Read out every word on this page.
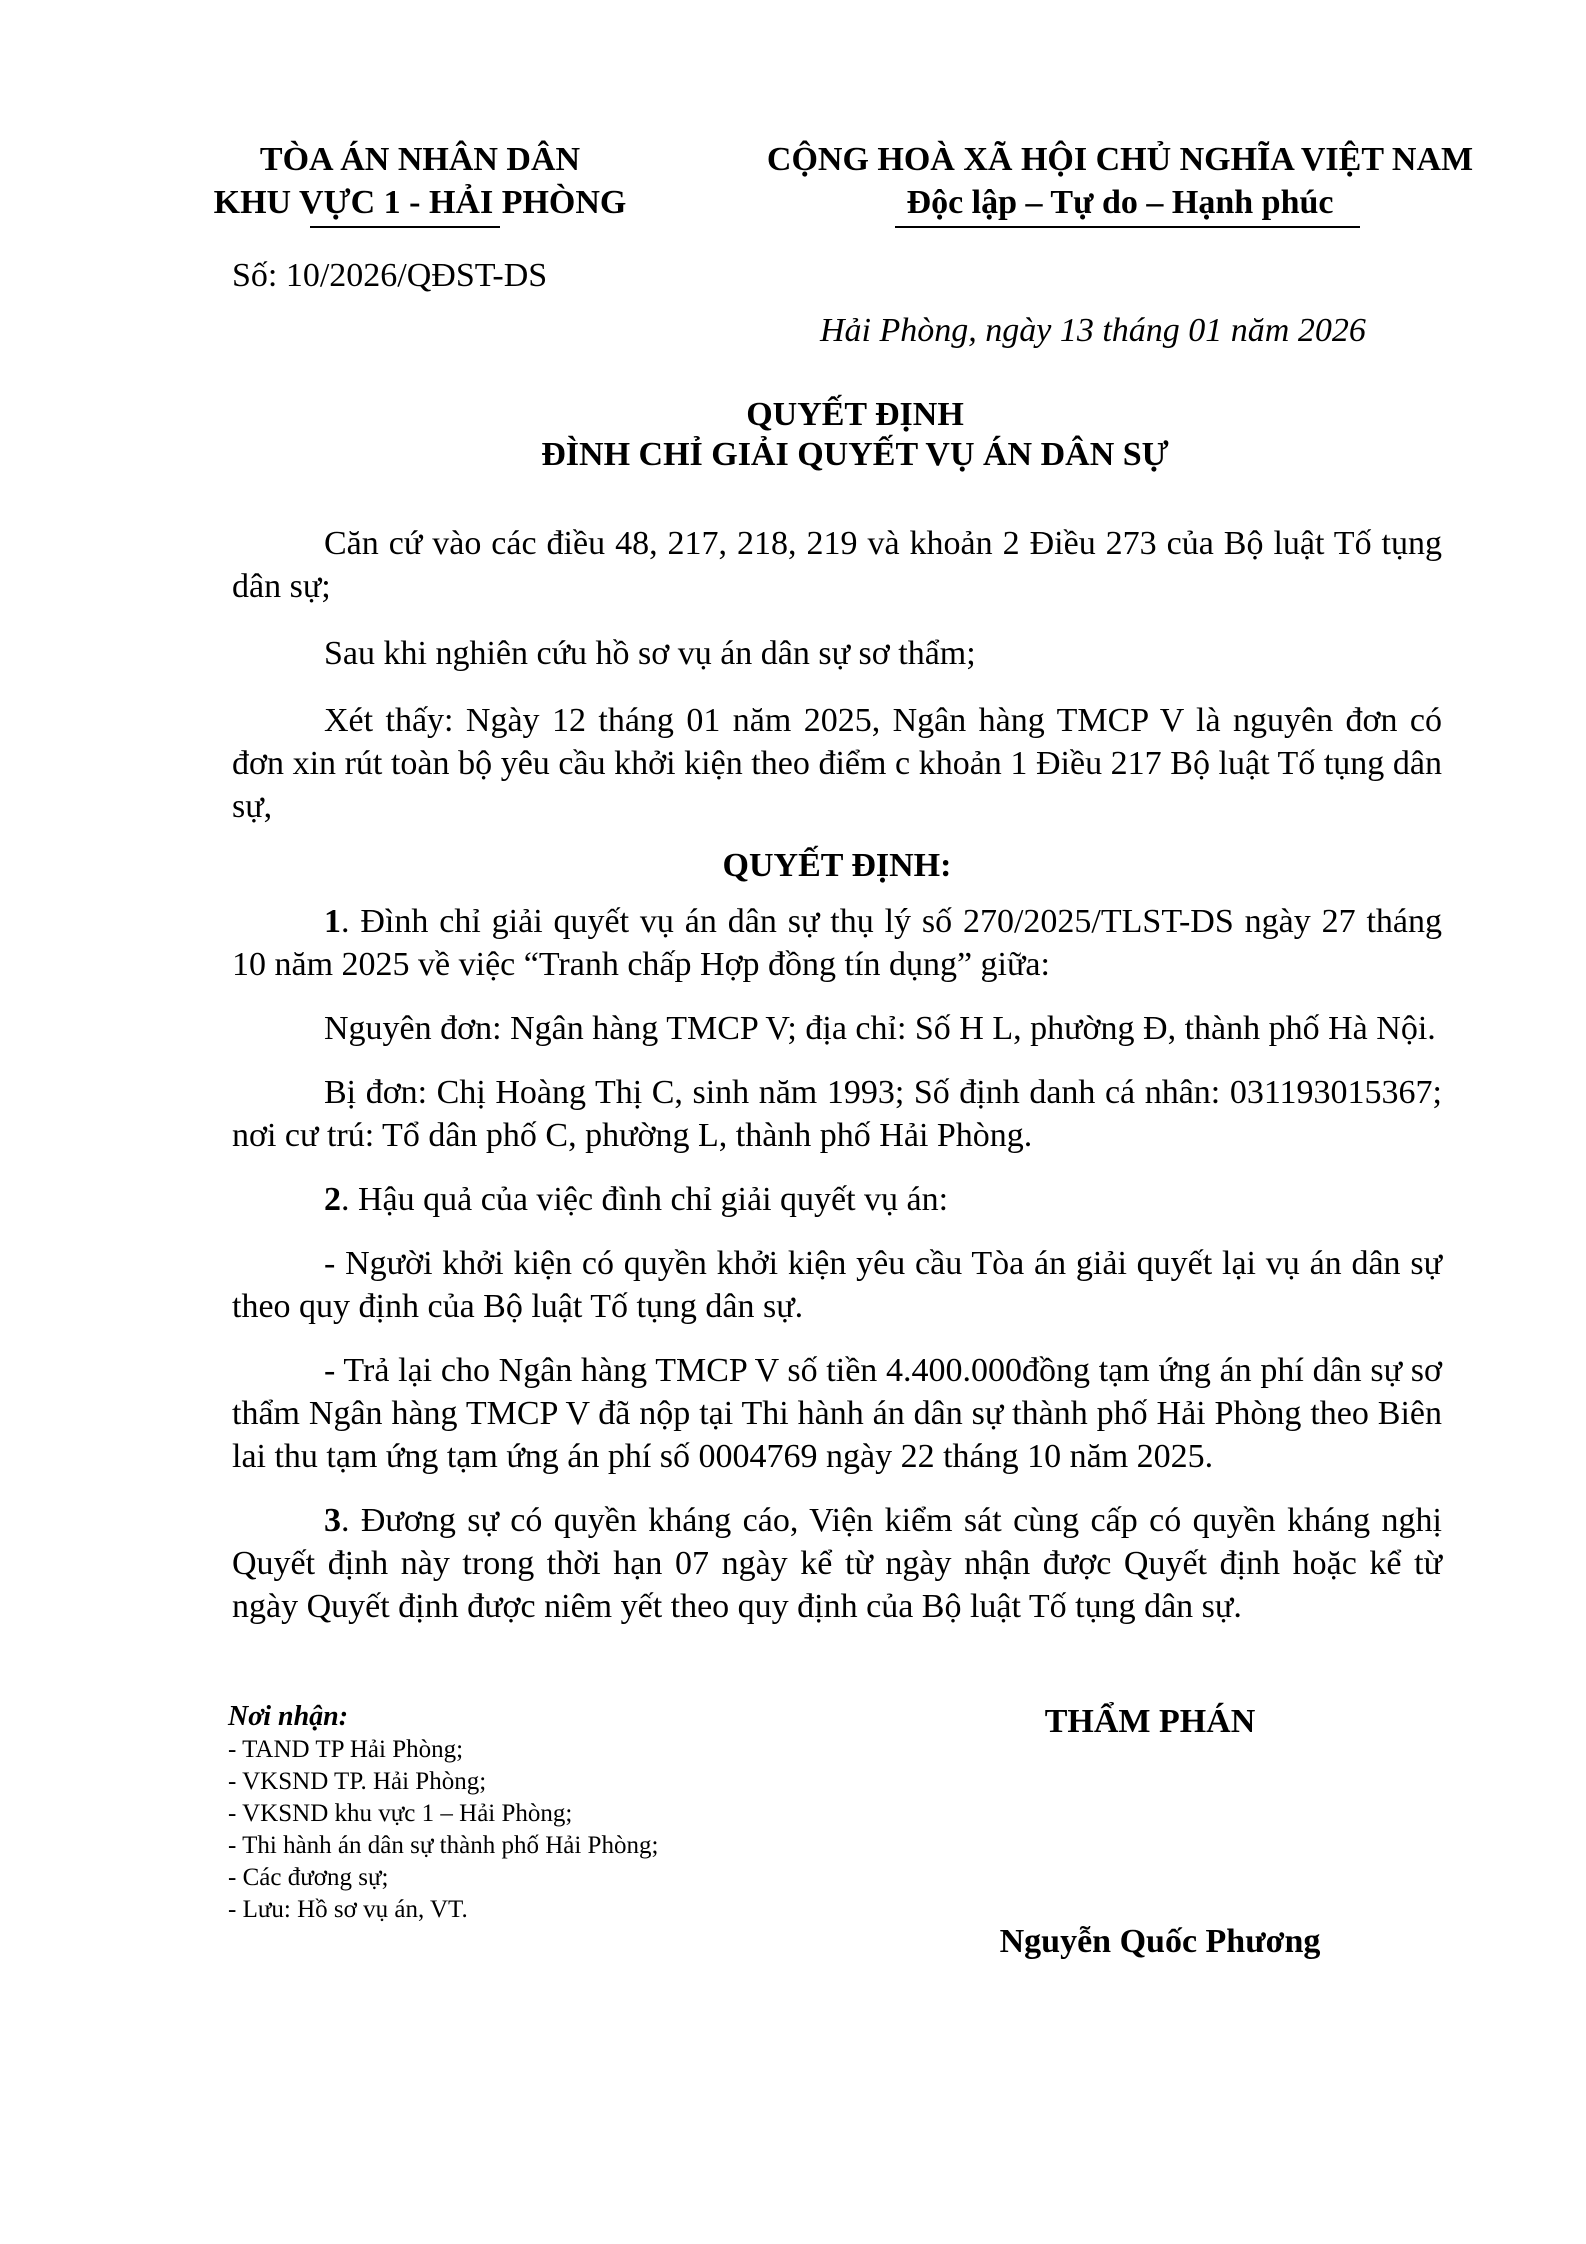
TÒA ÁN NHÂN DÂN
KHU VỰC 1 - HẢI PHÒNG
CỘNG HOÀ XÃ HỘI CHỦ NGHĨA VIỆT NAM
Độc lập – Tự do – Hạnh phúc
Số: 10/2026/QĐST-DS
Hải Phòng, ngày 13 tháng 01 năm 2026
QUYẾT ĐỊNH
ĐÌNH CHỈ GIẢI QUYẾT VỤ ÁN DÂN SỰ

Căn cứ vào các điều 48, 217, 218, 219 và khoản 2 Điều 273 của Bộ luật Tố tụng dân sự;

Sau khi nghiên cứu hồ sơ vụ án dân sự sơ thẩm;

Xét thấy: Ngày 12 tháng 01 năm 2025, Ngân hàng TMCP V là nguyên đơn có đơn xin rút toàn bộ yêu cầu khởi kiện theo điểm c khoản 1 Điều 217 Bộ luật Tố tụng dân sự,

QUYẾT ĐỊNH:

1. Đình chỉ giải quyết vụ án dân sự thụ lý số 270/2025/TLST-DS ngày 27 tháng 10 năm 2025 về việc “Tranh chấp Hợp đồng tín dụng” giữa:

Nguyên đơn: Ngân hàng TMCP V; địa chỉ: Số H L, phường Đ, thành phố Hà Nội.

Bị đơn: Chị Hoàng Thị C, sinh năm 1993; Số định danh cá nhân: 031193015367; nơi cư trú: Tổ dân phố C, phường L, thành phố Hải Phòng.

2. Hậu quả của việc đình chỉ giải quyết vụ án:

- Người khởi kiện có quyền khởi kiện yêu cầu Tòa án giải quyết lại vụ án dân sự theo quy định của Bộ luật Tố tụng dân sự.

- Trả lại cho Ngân hàng TMCP V số tiền 4.400.000đồng tạm ứng án phí dân sự sơ thẩm Ngân hàng TMCP V đã nộp tại Thi hành án dân sự thành phố Hải Phòng theo Biên lai thu tạm ứng tạm ứng án phí số 0004769 ngày 22 tháng 10 năm 2025.

3. Đương sự có quyền kháng cáo, Viện kiểm sát cùng cấp có quyền kháng nghị Quyết định này trong thời hạn 07 ngày kể từ ngày nhận được Quyết định hoặc kể từ ngày Quyết định được niêm yết theo quy định của Bộ luật Tố tụng dân sự.

Nơi nhận:
- TAND TP Hải Phòng;
- VKSND TP. Hải Phòng;
- VKSND khu vực 1 – Hải Phòng;
- Thi hành án dân sự thành phố Hải Phòng;
- Các đương sự;
- Lưu: Hồ sơ vụ án, VT.
THẨM PHÁN
Nguyễn Quốc Phương
